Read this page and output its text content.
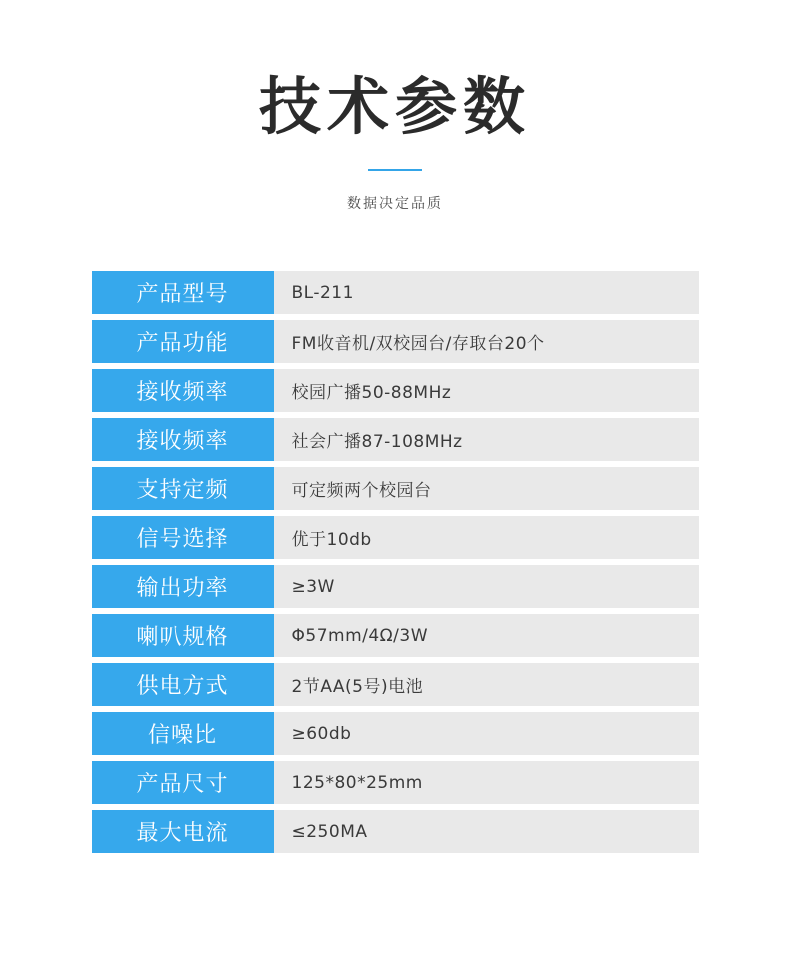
技术参数
数据决定品质
产品型号	BL-211
产品功能	FM收音机/双校园台/存取台20个
接收频率	校园广播50-88MHz
接收频率	社会广播87-108MHz
支持定频	可定频两个校园台
信号选择	优于10db
输出功率	≥3W
喇叭规格	Φ57mm/4Ω/3W
供电方式	2节AA(5号)电池
信噪比	≥60db
产品尺寸	125*80*25mm
最大电流	≤250MA
